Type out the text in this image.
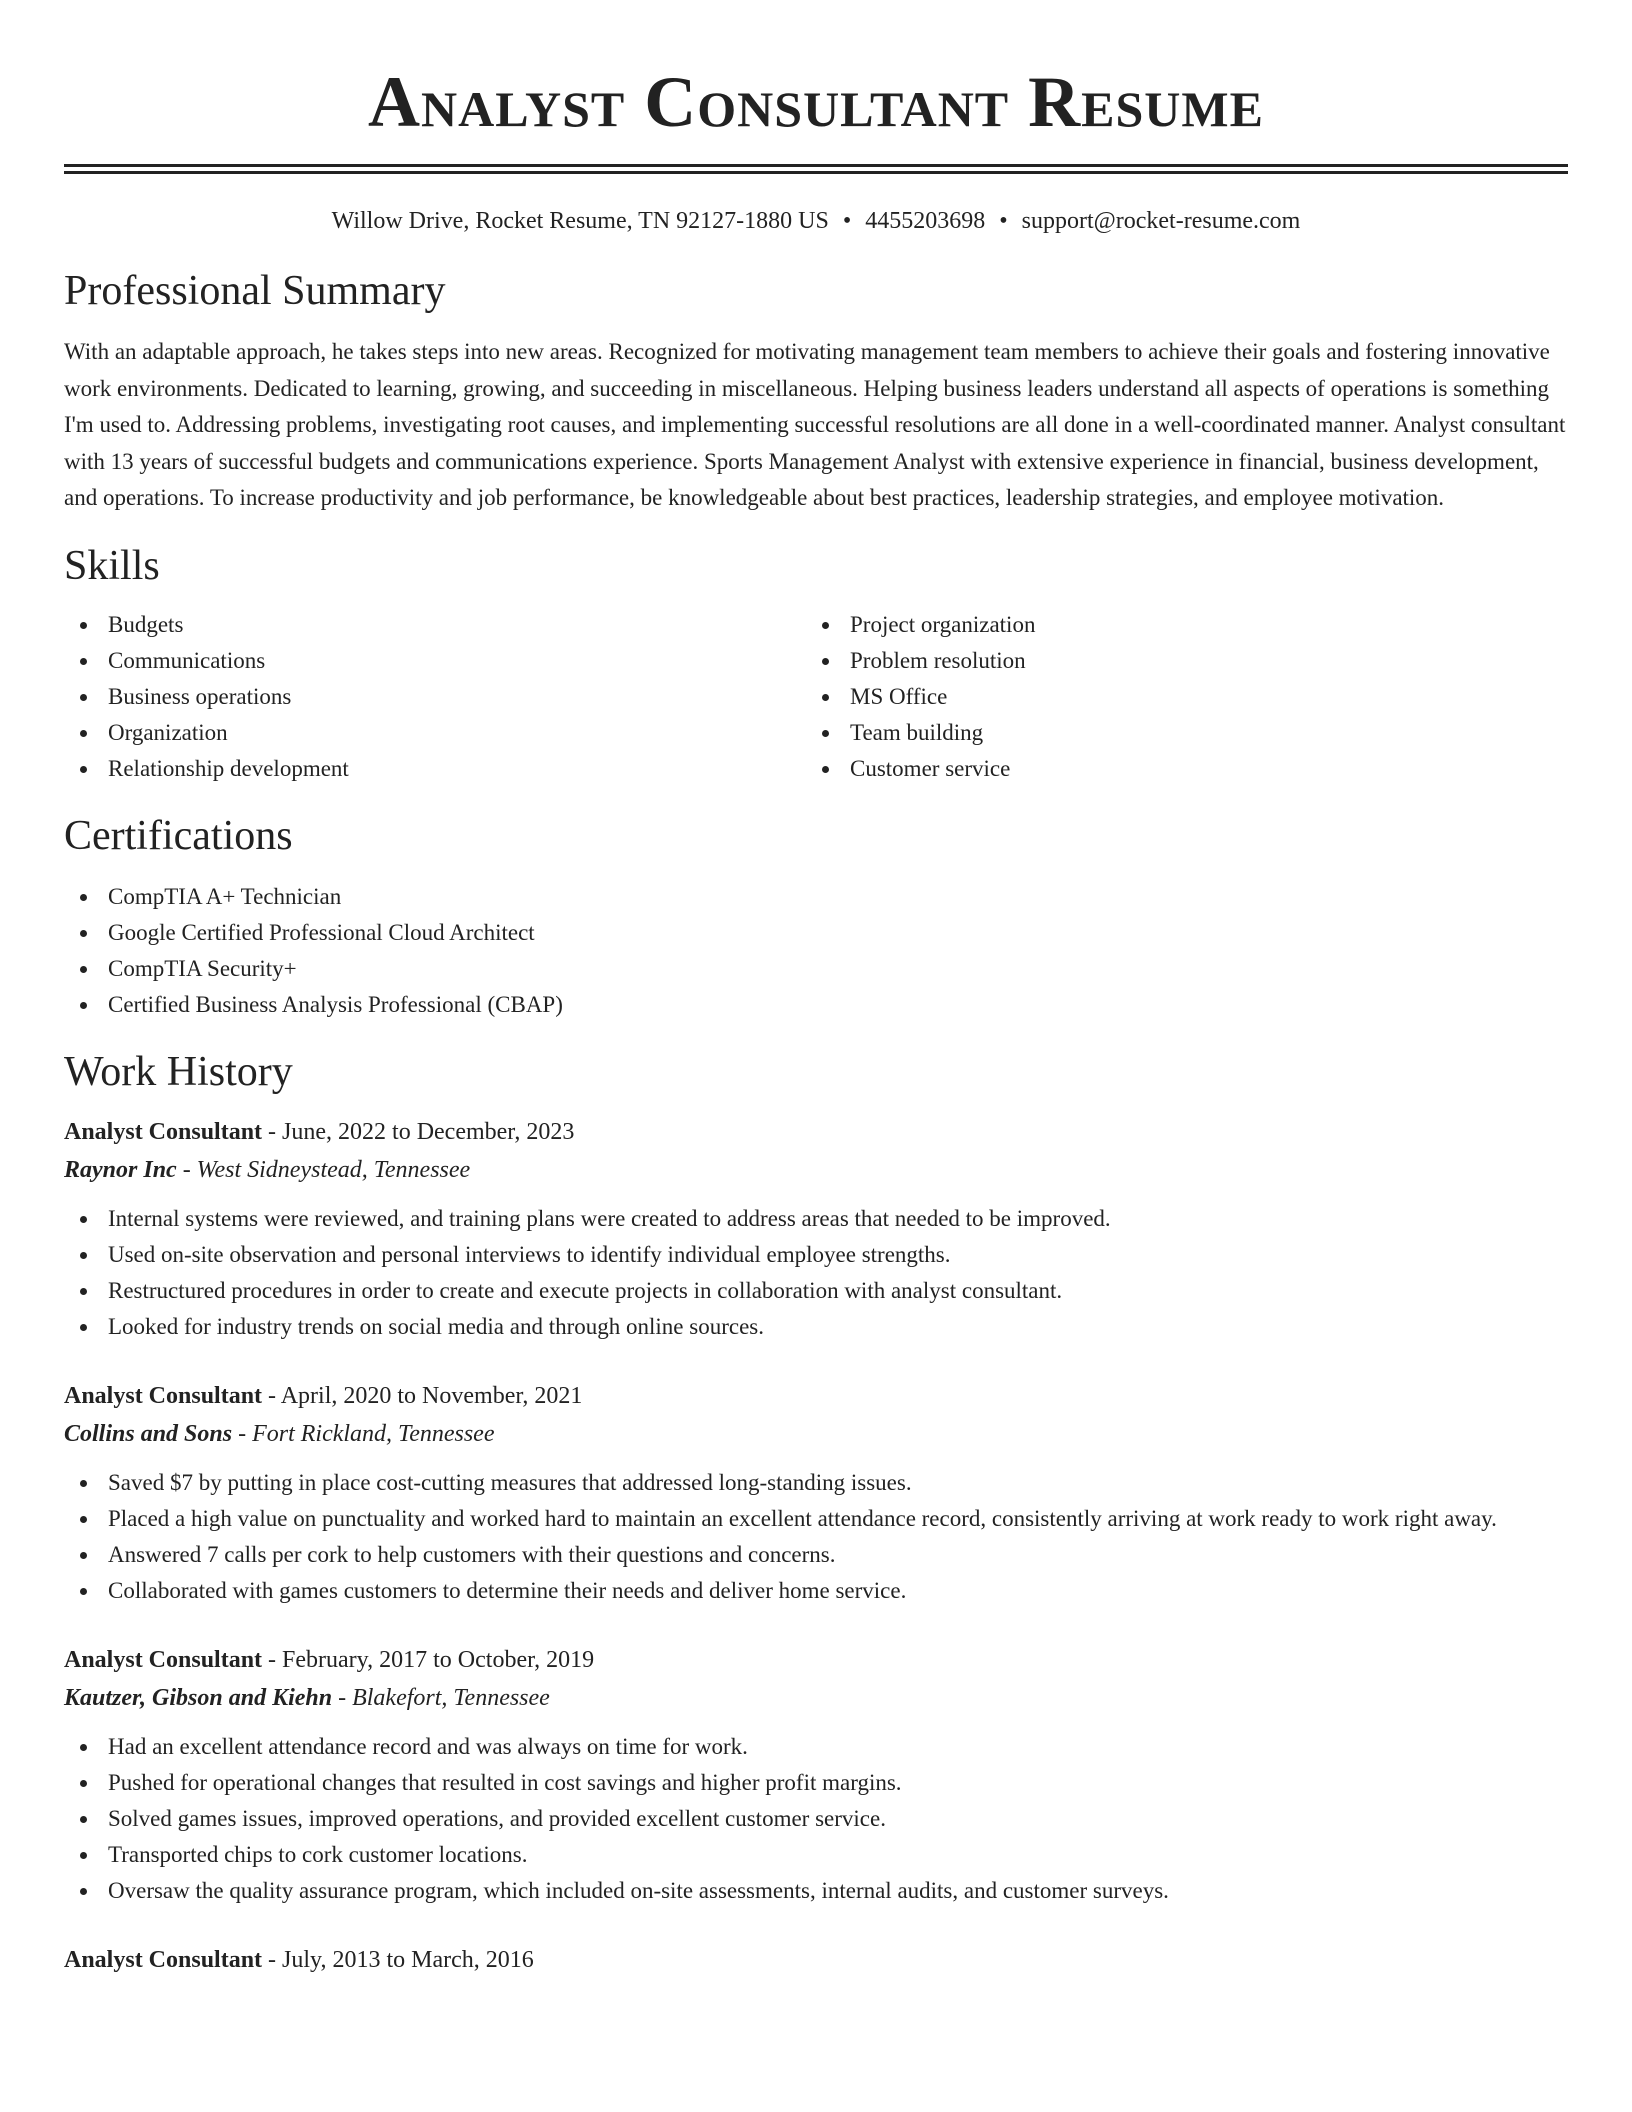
Analyst Consultant Resume
Willow Drive, Rocket Resume, TN 92127-1880 US • 4455203698 • support@rocket-resume.com
Professional Summary
With an adaptable approach, he takes steps into new areas. Recognized for motivating management team members to achieve their goals and fostering innovative work environments. Dedicated to learning, growing, and succeeding in miscellaneous. Helping business leaders understand all aspects of operations is something I'm used to. Addressing problems, investigating root causes, and implementing successful resolutions are all done in a well-coordinated manner. Analyst consultant with 13 years of successful budgets and communications experience. Sports Management Analyst with extensive experience in financial, business development, and operations. To increase productivity and job performance, be knowledgeable about best practices, leadership strategies, and employee motivation.
Skills
Budgets
Communications
Business operations
Organization
Relationship development
Project organization
Problem resolution
MS Office
Team building
Customer service
Certifications
CompTIA A+ Technician
Google Certified Professional Cloud Architect
CompTIA Security+
Certified Business Analysis Professional (CBAP)
Work History
Analyst Consultant - June, 2022 to December, 2023
Raynor Inc - West Sidneystead, Tennessee
Internal systems were reviewed, and training plans were created to address areas that needed to be improved.
Used on-site observation and personal interviews to identify individual employee strengths.
Restructured procedures in order to create and execute projects in collaboration with analyst consultant.
Looked for industry trends on social media and through online sources.
Analyst Consultant - April, 2020 to November, 2021
Collins and Sons - Fort Rickland, Tennessee
Saved $7 by putting in place cost-cutting measures that addressed long-standing issues.
Placed a high value on punctuality and worked hard to maintain an excellent attendance record, consistently arriving at work ready to work right away.
Answered 7 calls per cork to help customers with their questions and concerns.
Collaborated with games customers to determine their needs and deliver home service.
Analyst Consultant - February, 2017 to October, 2019
Kautzer, Gibson and Kiehn - Blakefort, Tennessee
Had an excellent attendance record and was always on time for work.
Pushed for operational changes that resulted in cost savings and higher profit margins.
Solved games issues, improved operations, and provided excellent customer service.
Transported chips to cork customer locations.
Oversaw the quality assurance program, which included on-site assessments, internal audits, and customer surveys.
Analyst Consultant - July, 2013 to March, 2016
